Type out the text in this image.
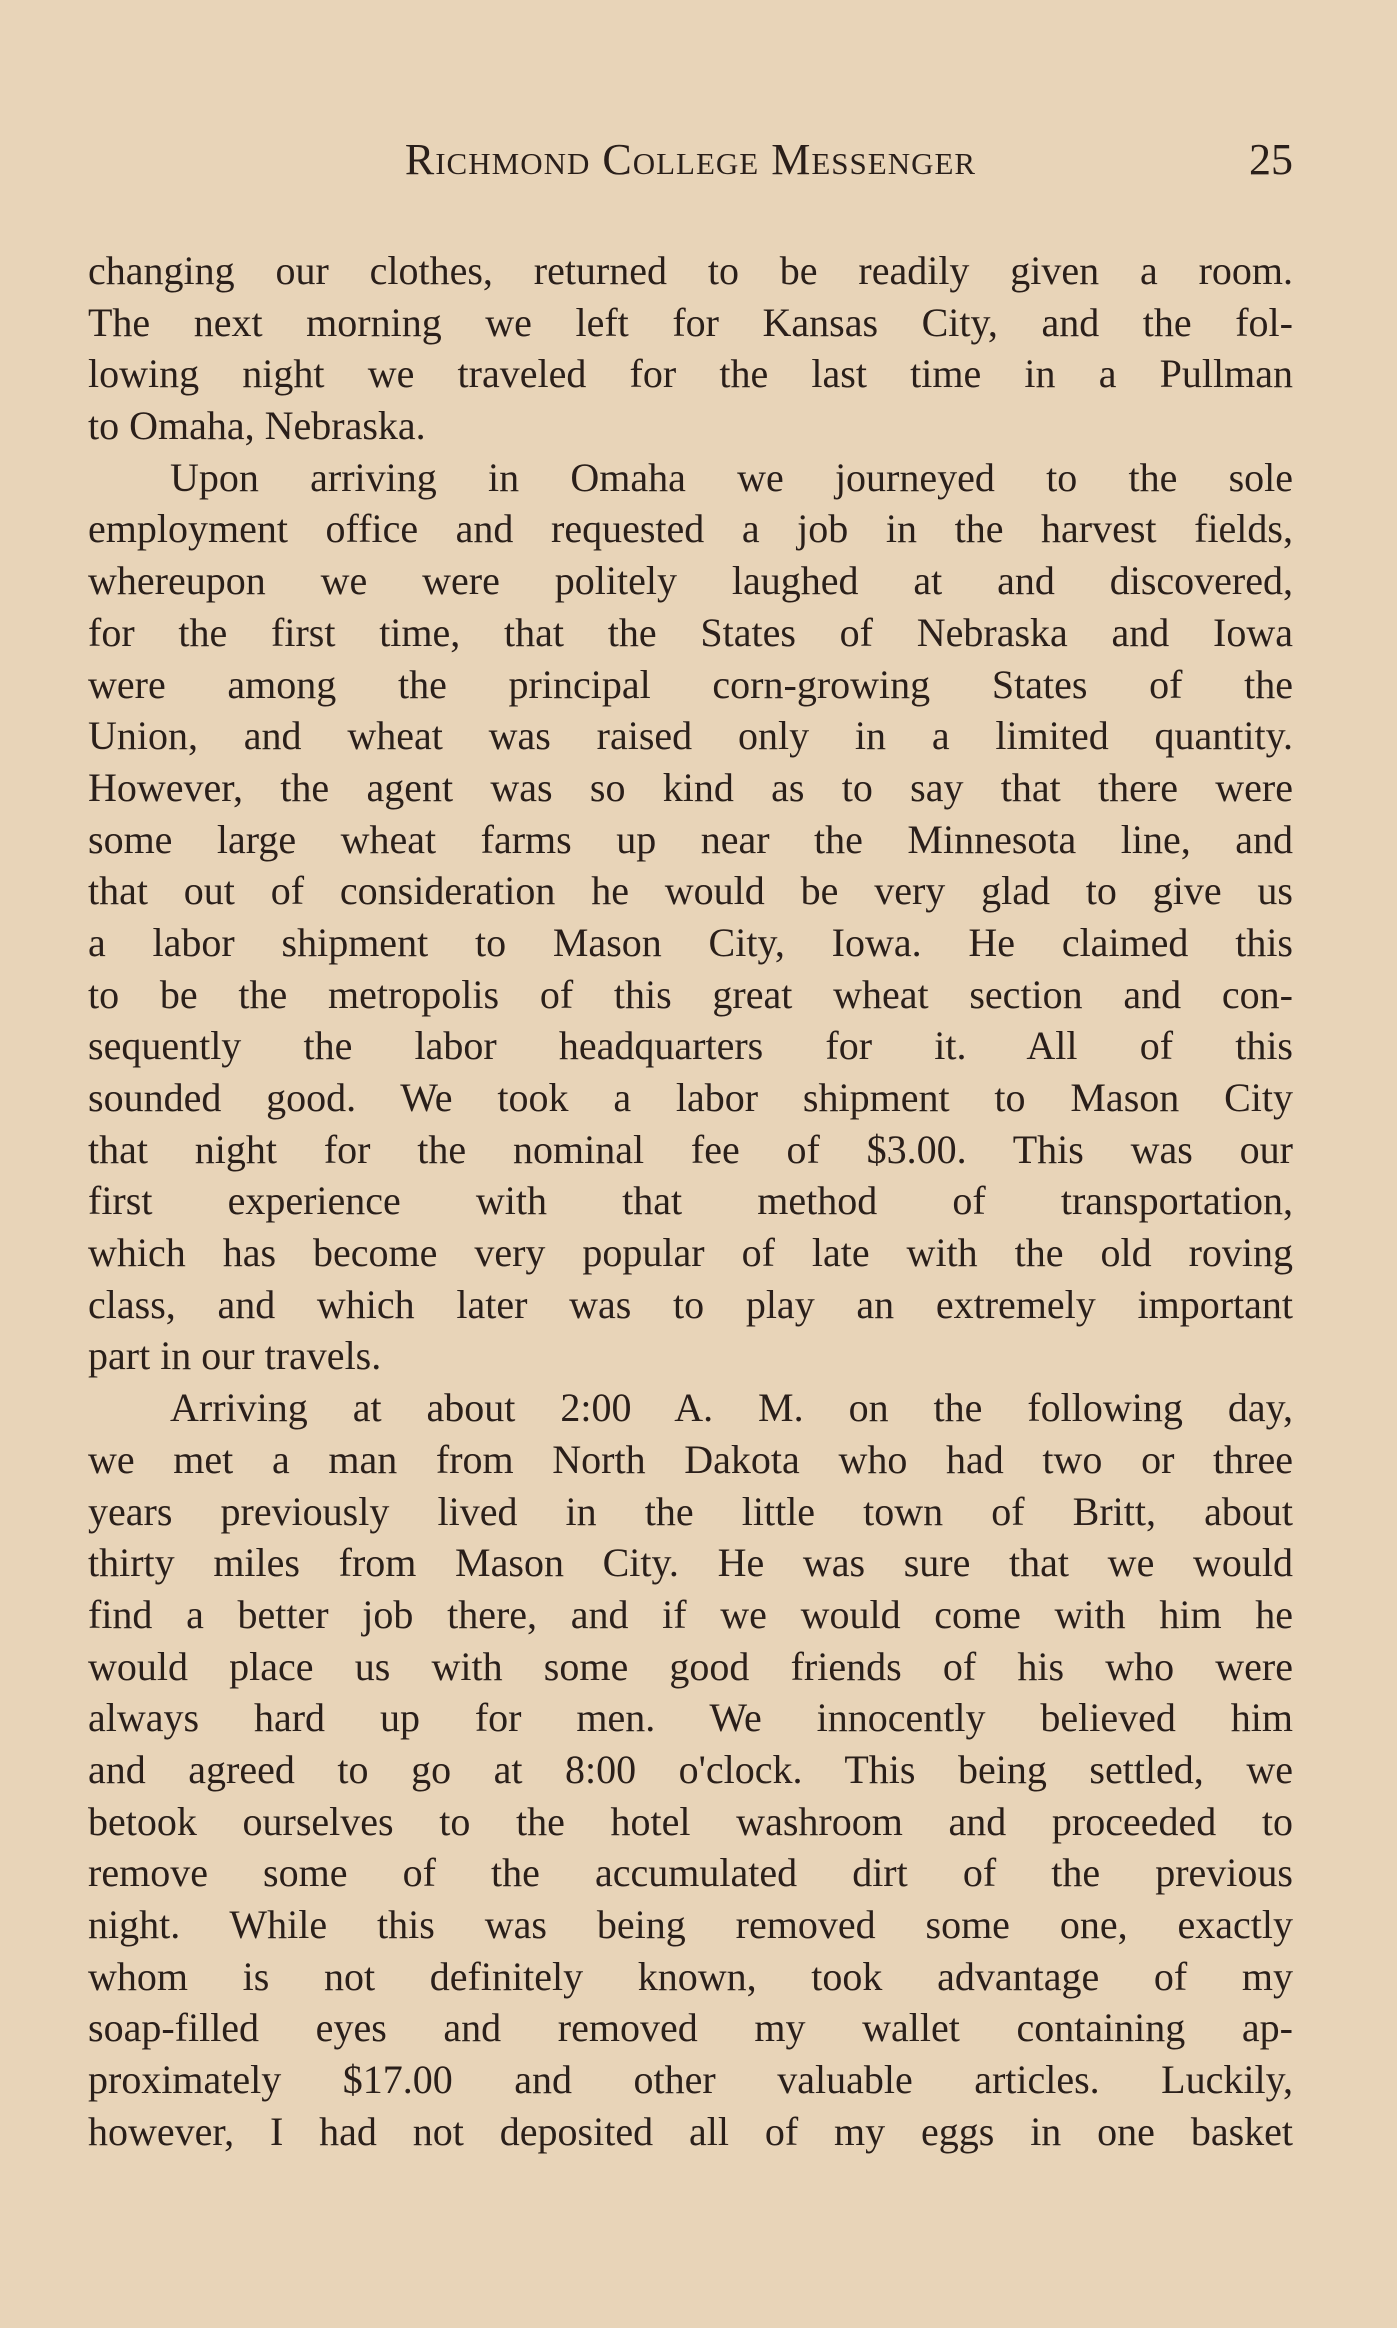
Richmond College Messenger	25
changing our clothes, returned to be readily given a room.
The next morning we left for Kansas City, and the fol-
lowing night we traveled for the last time in a Pullman
to Omaha, Nebraska.
Upon arriving in Omaha we journeyed to the sole
employment office and requested a job in the harvest fields,
whereupon we were politely laughed at and discovered,
for the first time, that the States of Nebraska and Iowa
were among the principal corn-growing States of the
Union, and wheat was raised only in a limited quantity.
However, the agent was so kind as to say that there were
some large wheat farms up near the Minnesota line, and
that out of consideration he would be very glad to give us
a labor shipment to Mason City, Iowa. He claimed this
to be the metropolis of this great wheat section and con-
sequently the labor headquarters for it. All of this
sounded good. We took a labor shipment to Mason City
that night for the nominal fee of $3.00. This was our
first experience with that method of transportation,
which has become very popular of late with the old roving
class, and which later was to play an extremely important
part in our travels.
Arriving at about 2:00 A. M. on the following day,
we met a man from North Dakota who had two or three
years previously lived in the little town of Britt, about
thirty miles from Mason City. He was sure that we would
find a better job there, and if we would come with him he
would place us with some good friends of his who were
always hard up for men. We innocently believed him
and agreed to go at 8:00 o'clock. This being settled, we
betook ourselves to the hotel washroom and proceeded to
remove some of the accumulated dirt of the previous
night. While this was being removed some one, exactly
whom is not definitely known, took advantage of my
soap-filled eyes and removed my wallet containing ap-
proximately $17.00 and other valuable articles. Luckily,
however, I had not deposited all of my eggs in one basket
